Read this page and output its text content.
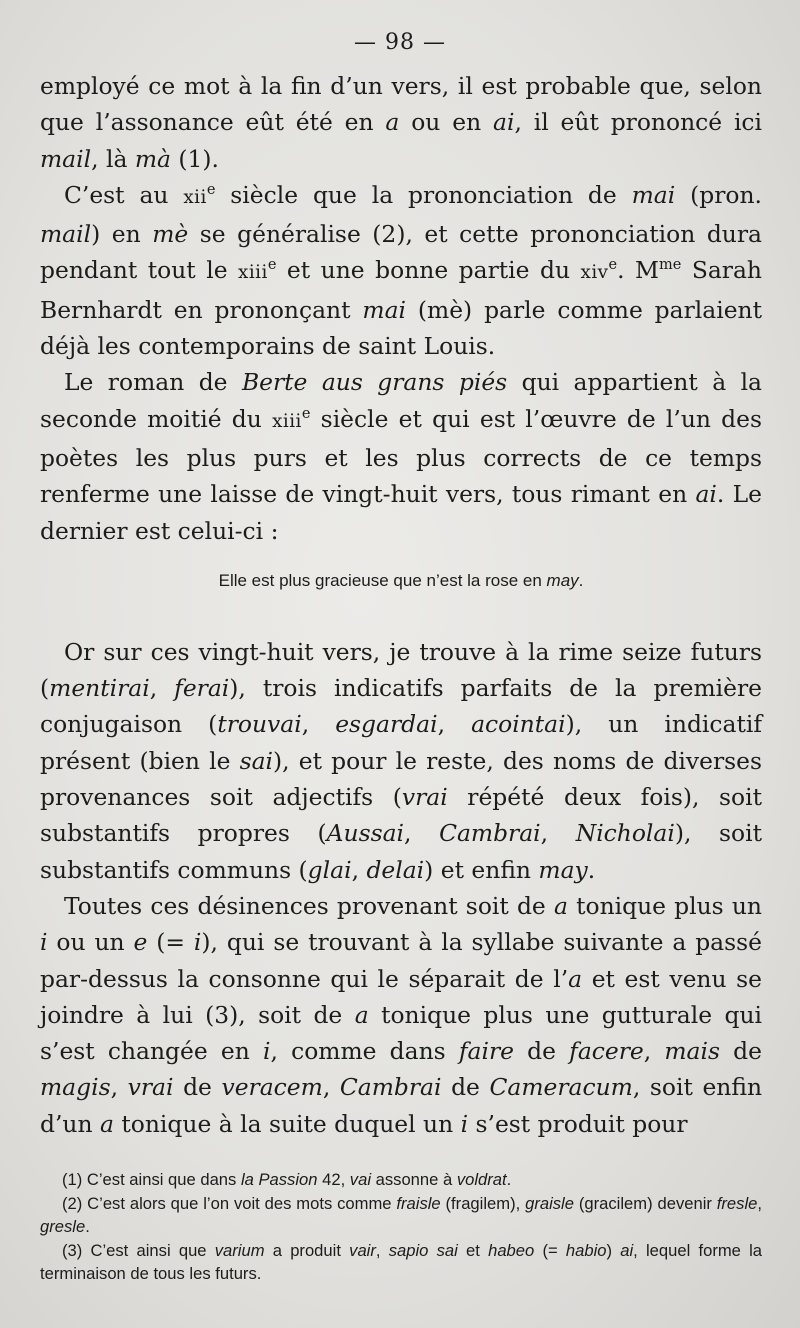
— 98 —

employé ce mot à la fin d’un vers, il est probable que, selon que l’assonance eût été en a ou en ai, il eût prononcé ici mail, là mà (1).

C’est au xii$^e$ siècle que la prononciation de mai (pron. mail) en mè se généralise (2), et cette prononciation dura pendant tout le xiii$^e$ et une bonne partie du xiv$^e$. $M^{me}$ Sarah Bernhardt en prononçant mai (mè) parle comme parlaient déjà les contemporains de saint Louis.

Le roman de Berte aus grans piés qui appartient à la seconde moitié du xiii$^e$ siècle et qui est l’œuvre de l’un des poètes les plus purs et les plus corrects de ce temps renferme une laisse de vingt-huit vers, tous rimant en ai. Le dernier est celui-ci :

Elle est plus gracieuse que n’est la rose en may.

Or sur ces vingt-huit vers, je trouve à la rime seize futurs (mentirai, ferai), trois indicatifs parfaits de la première conjugaison (trouvai, esgardai, acointai), un indicatif présent (bien le sai), et pour le reste, des noms de diverses provenances soit adjectifs (vrai répété deux fois), soit substantifs propres (Aussai, Cambrai, Nicholai), soit substantifs communs (glai, delai) et enfin may.

Toutes ces désinences provenant soit de a tonique plus un i ou un e (= i), qui se trouvant à la syllabe suivante a passé par-dessus la consonne qui le séparait de l’a et est venu se joindre à lui (3), soit de a tonique plus une gutturale qui s’est changée en i, comme dans faire de facere, mais de magis, vrai de veracem, Cambrai de Cameracum, soit enfin d’un a tonique à la suite duquel un i s’est produit pour

(1) C’est ainsi que dans la Passion 42, vai assonne à voldrat.

(2) C’est alors que l’on voit des mots comme fraisle (fragilem), graisle (gracilem) devenir fresle, gresle.

(3) C’est ainsi que varium a produit vair, sapio sai et habeo (= habio) ai, lequel forme la terminaison de tous les futurs.
